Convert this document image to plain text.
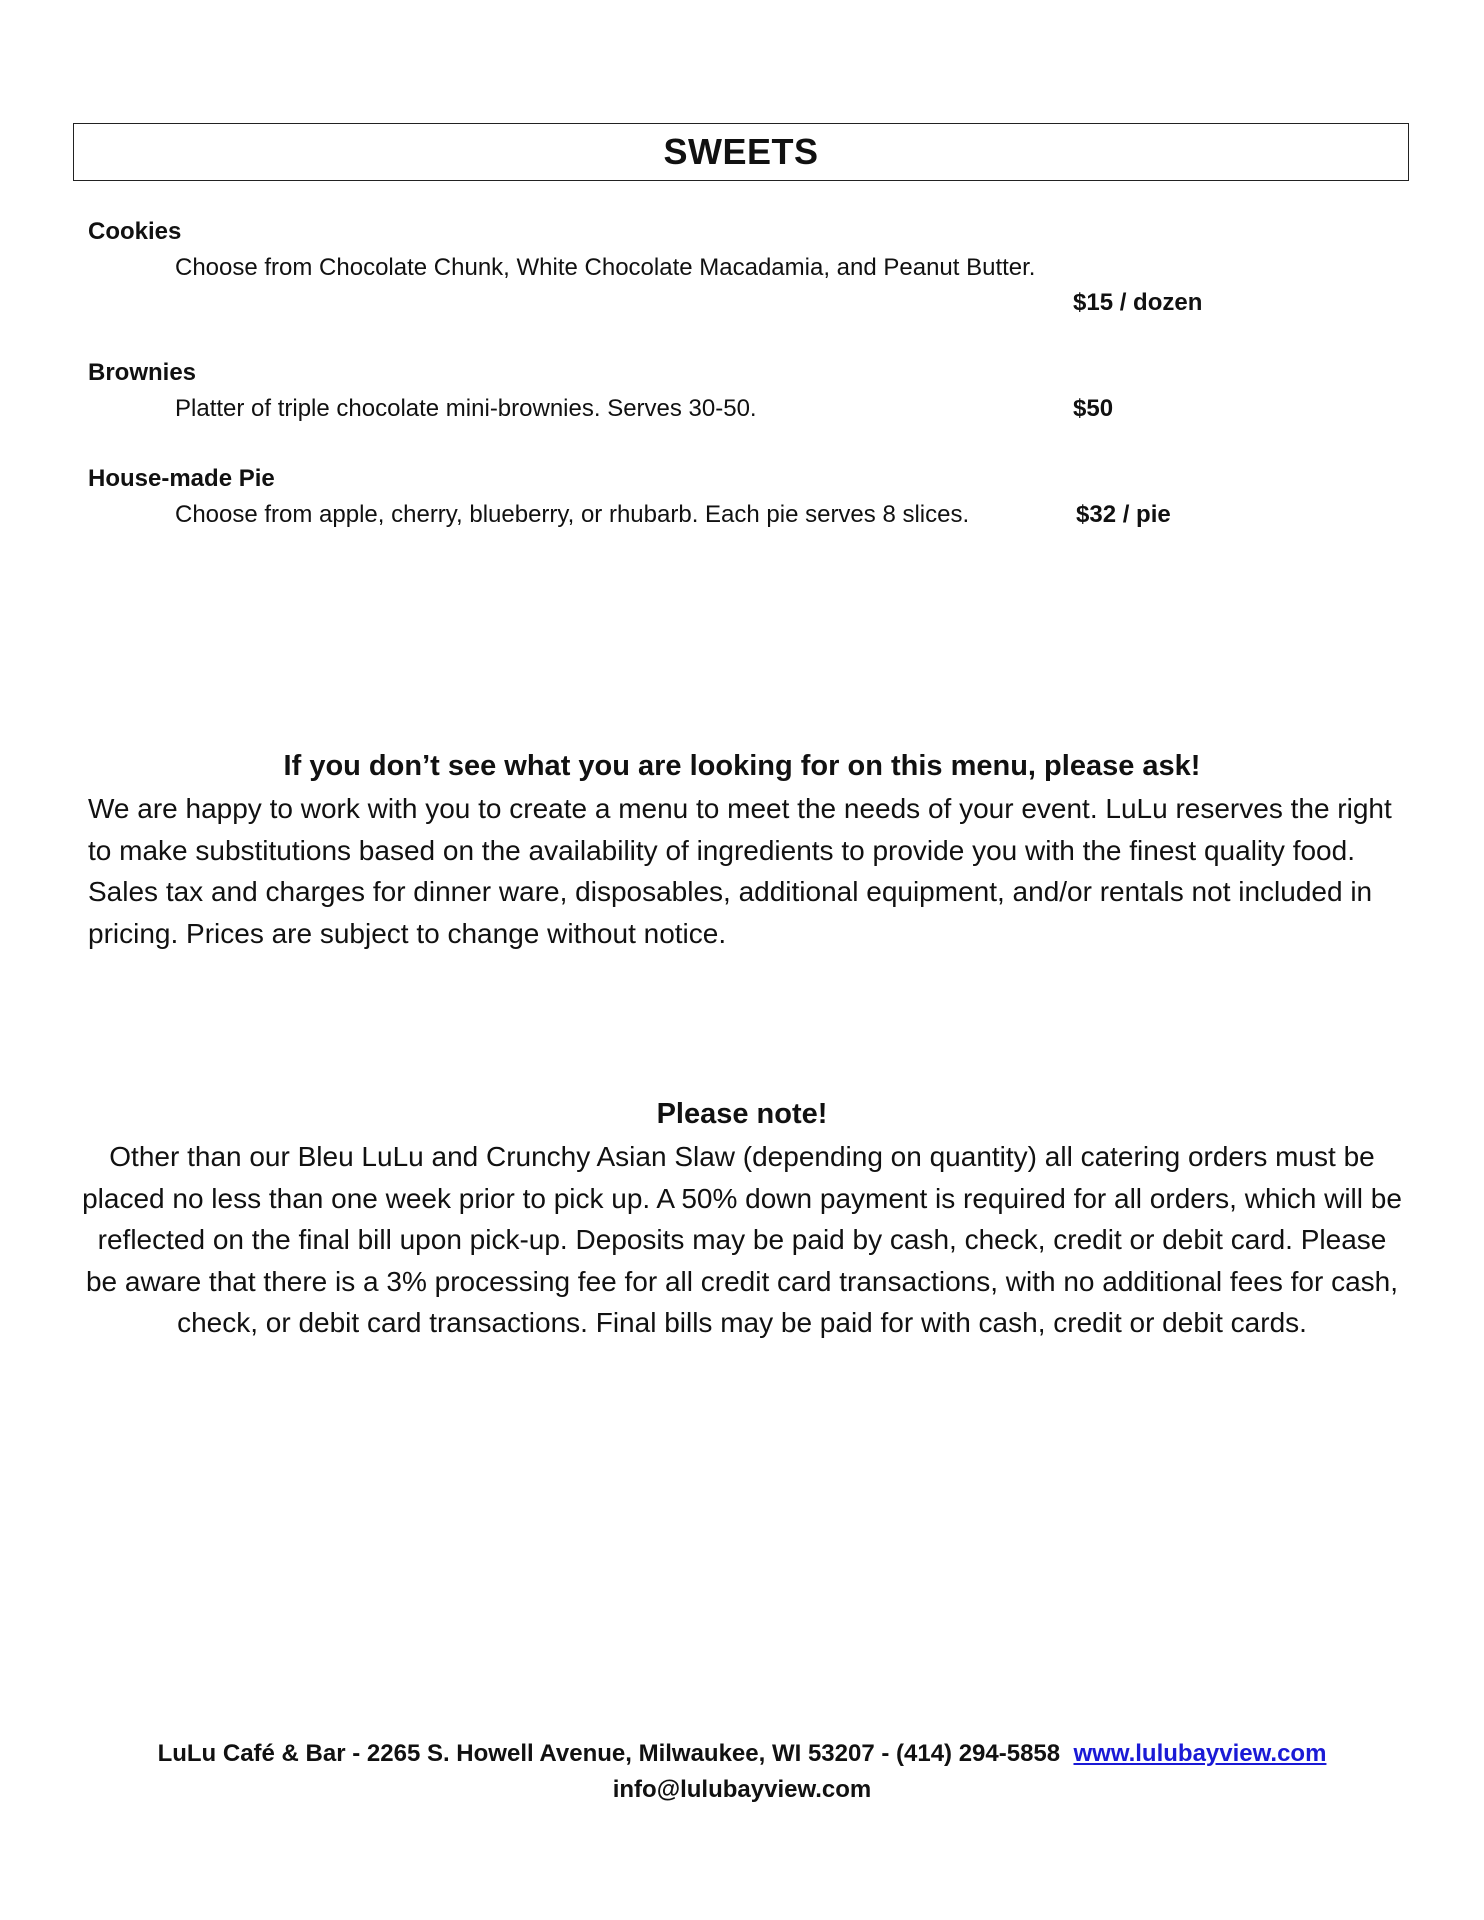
SWEETS
Cookies
Choose from Chocolate Chunk, White Chocolate Macadamia, and Peanut Butter.
$15 / dozen
Brownies
Platter of triple chocolate mini-brownies. Serves 30-50.	$50
House-made Pie
Choose from apple, cherry, blueberry, or rhubarb. Each pie serves 8 slices.	$32 / pie
If you don’t see what you are looking for on this menu, please ask!
We are happy to work with you to create a menu to meet the needs of your event. LuLu reserves the right to make substitutions based on the availability of ingredients to provide you with the finest quality food. Sales tax and charges for dinner ware, disposables, additional equipment, and/or rentals not included in pricing. Prices are subject to change without notice.
Please note!
Other than our Bleu LuLu and Crunchy Asian Slaw (depending on quantity) all catering orders must be placed no less than one week prior to pick up. A 50% down payment is required for all orders, which will be reflected on the final bill upon pick-up. Deposits may be paid by cash, check, credit or debit card. Please be aware that there is a 3% processing fee for all credit card transactions, with no additional fees for cash, check, or debit card transactions. Final bills may be paid for with cash, credit or debit cards.
LuLu Café & Bar - 2265 S. Howell Avenue, Milwaukee, WI 53207 - (414) 294-5858 www.lulubayview.com
info@lulubayview.com
